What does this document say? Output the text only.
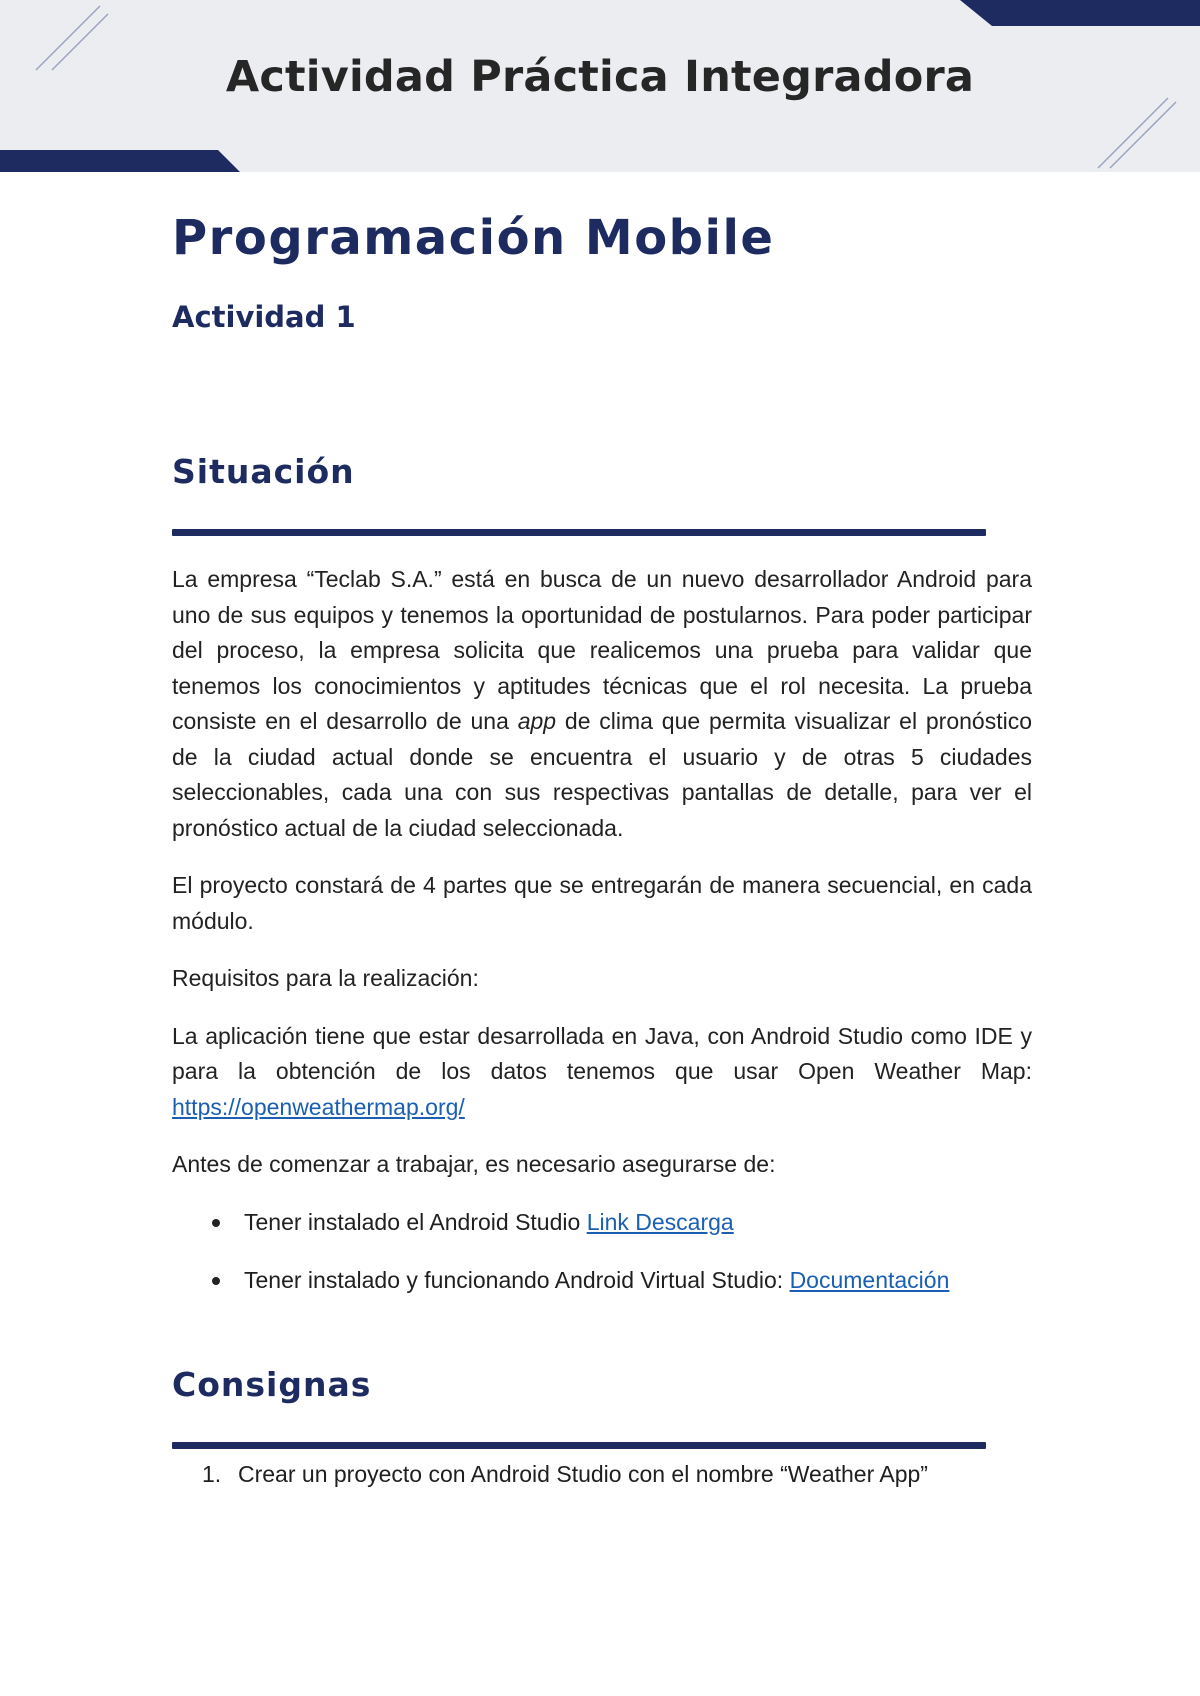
Actividad Práctica Integradora
Programación Mobile
Actividad 1
Situación

La empresa “Teclab S.A.” está en busca de un nuevo desarrollador Android para uno de sus equipos y tenemos la oportunidad de postularnos. Para poder participar del proceso, la empresa solicita que realicemos una prueba para validar que tenemos los conocimientos y aptitudes técnicas que el rol necesita. La prueba consiste en el desarrollo de una app de clima que permita visualizar el pronóstico de la ciudad actual donde se encuentra el usuario y de otras 5 ciudades seleccionables, cada una con sus respectivas pantallas de detalle, para ver el pronóstico actual de la ciudad seleccionada.

El proyecto constará de 4 partes que se entregarán de manera secuencial, en cada módulo.

Requisitos para la realización:

La aplicación tiene que estar desarrollada en Java, con Android Studio como IDE y para la obtención de los datos tenemos que usar Open Weather Map: https://openweathermap.org/

Antes de comenzar a trabajar, es necesario asegurarse de:

Tener instalado el Android Studio Link Descarga
Tener instalado y funcionando Android Virtual Studio: Documentación
Consignas
1. Crear un proyecto con Android Studio con el nombre “Weather App”
